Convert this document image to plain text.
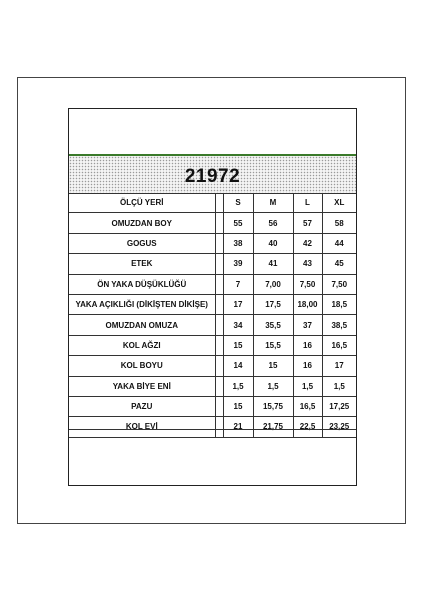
21972
ÖLÇÜ YERİ		S	M	L	XL
OMUZDAN BOY		55	56	57	58
GOGUS		38	40	42	44
ETEK		39	41	43	45
ÖN YAKA DÜŞÜKLÜĞÜ		7	7,00	7,50	7,50
YAKA AÇIKLIĞI (DİKİŞTEN DİKİŞE)		17	17,5	18,00	18,5
OMUZDAN OMUZA		34	35,5	37	38,5
KOL AĞZI		15	15,5	16	16,5
KOL BOYU		14	15	16	17
YAKA BİYE ENİ		1,5	1,5	1,5	1,5
PAZU		15	15,75	16,5	17,25
KOL EVİ		21	21,75	22,5	23,25
